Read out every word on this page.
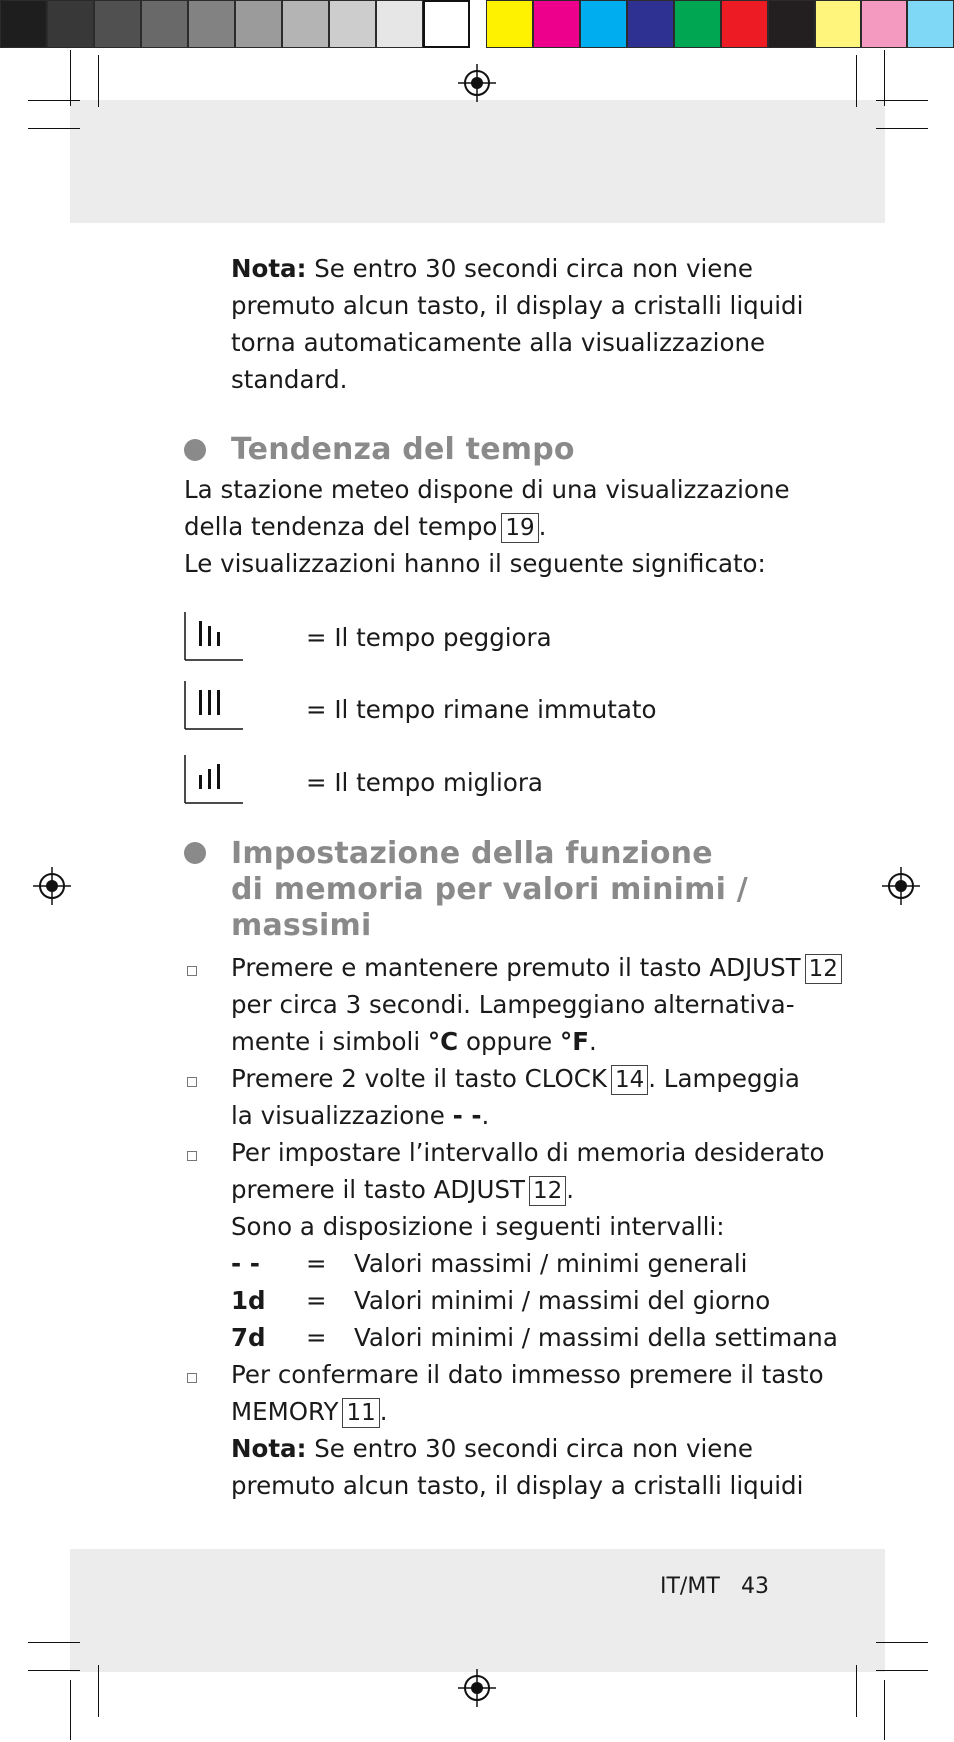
Nota: Se entro 30 secondi circa non viene
premuto alcun tasto, il display a cristalli liquidi
torna automaticamente alla visualizzazione
standard.
Tendenza del tempo
La stazione meteo dispone di una visualizzazione
della tendenza del tempo 19 .
Le visualizzazioni hanno il seguente significato:
= Il tempo peggiora
= Il tempo rimane immutato
= Il tempo migliora
Impostazione della funzione
di memoria per valori minimi /
massimi
Premere e mantenere premuto il tasto ADJUST 12
per circa 3 secondi. Lampeggiano alternativa-
mente i simboli °C oppure °F.
Premere 2 volte il tasto CLOCK 14 . Lampeggia
la visualizzazione - -.
Per impostare l’intervallo di memoria desiderato
premere il tasto ADJUST 12 .
Sono a disposizione i seguenti intervalli:
- - = Valori massimi / minimi generali
1d = Valori minimi / massimi del giorno
7d = Valori minimi / massimi della settimana
Per confermare il dato immesso premere il tasto
MEMORY 11 .
Nota: Se entro 30 secondi circa non viene
premuto alcun tasto, il display a cristalli liquidi
IT/MT 43
